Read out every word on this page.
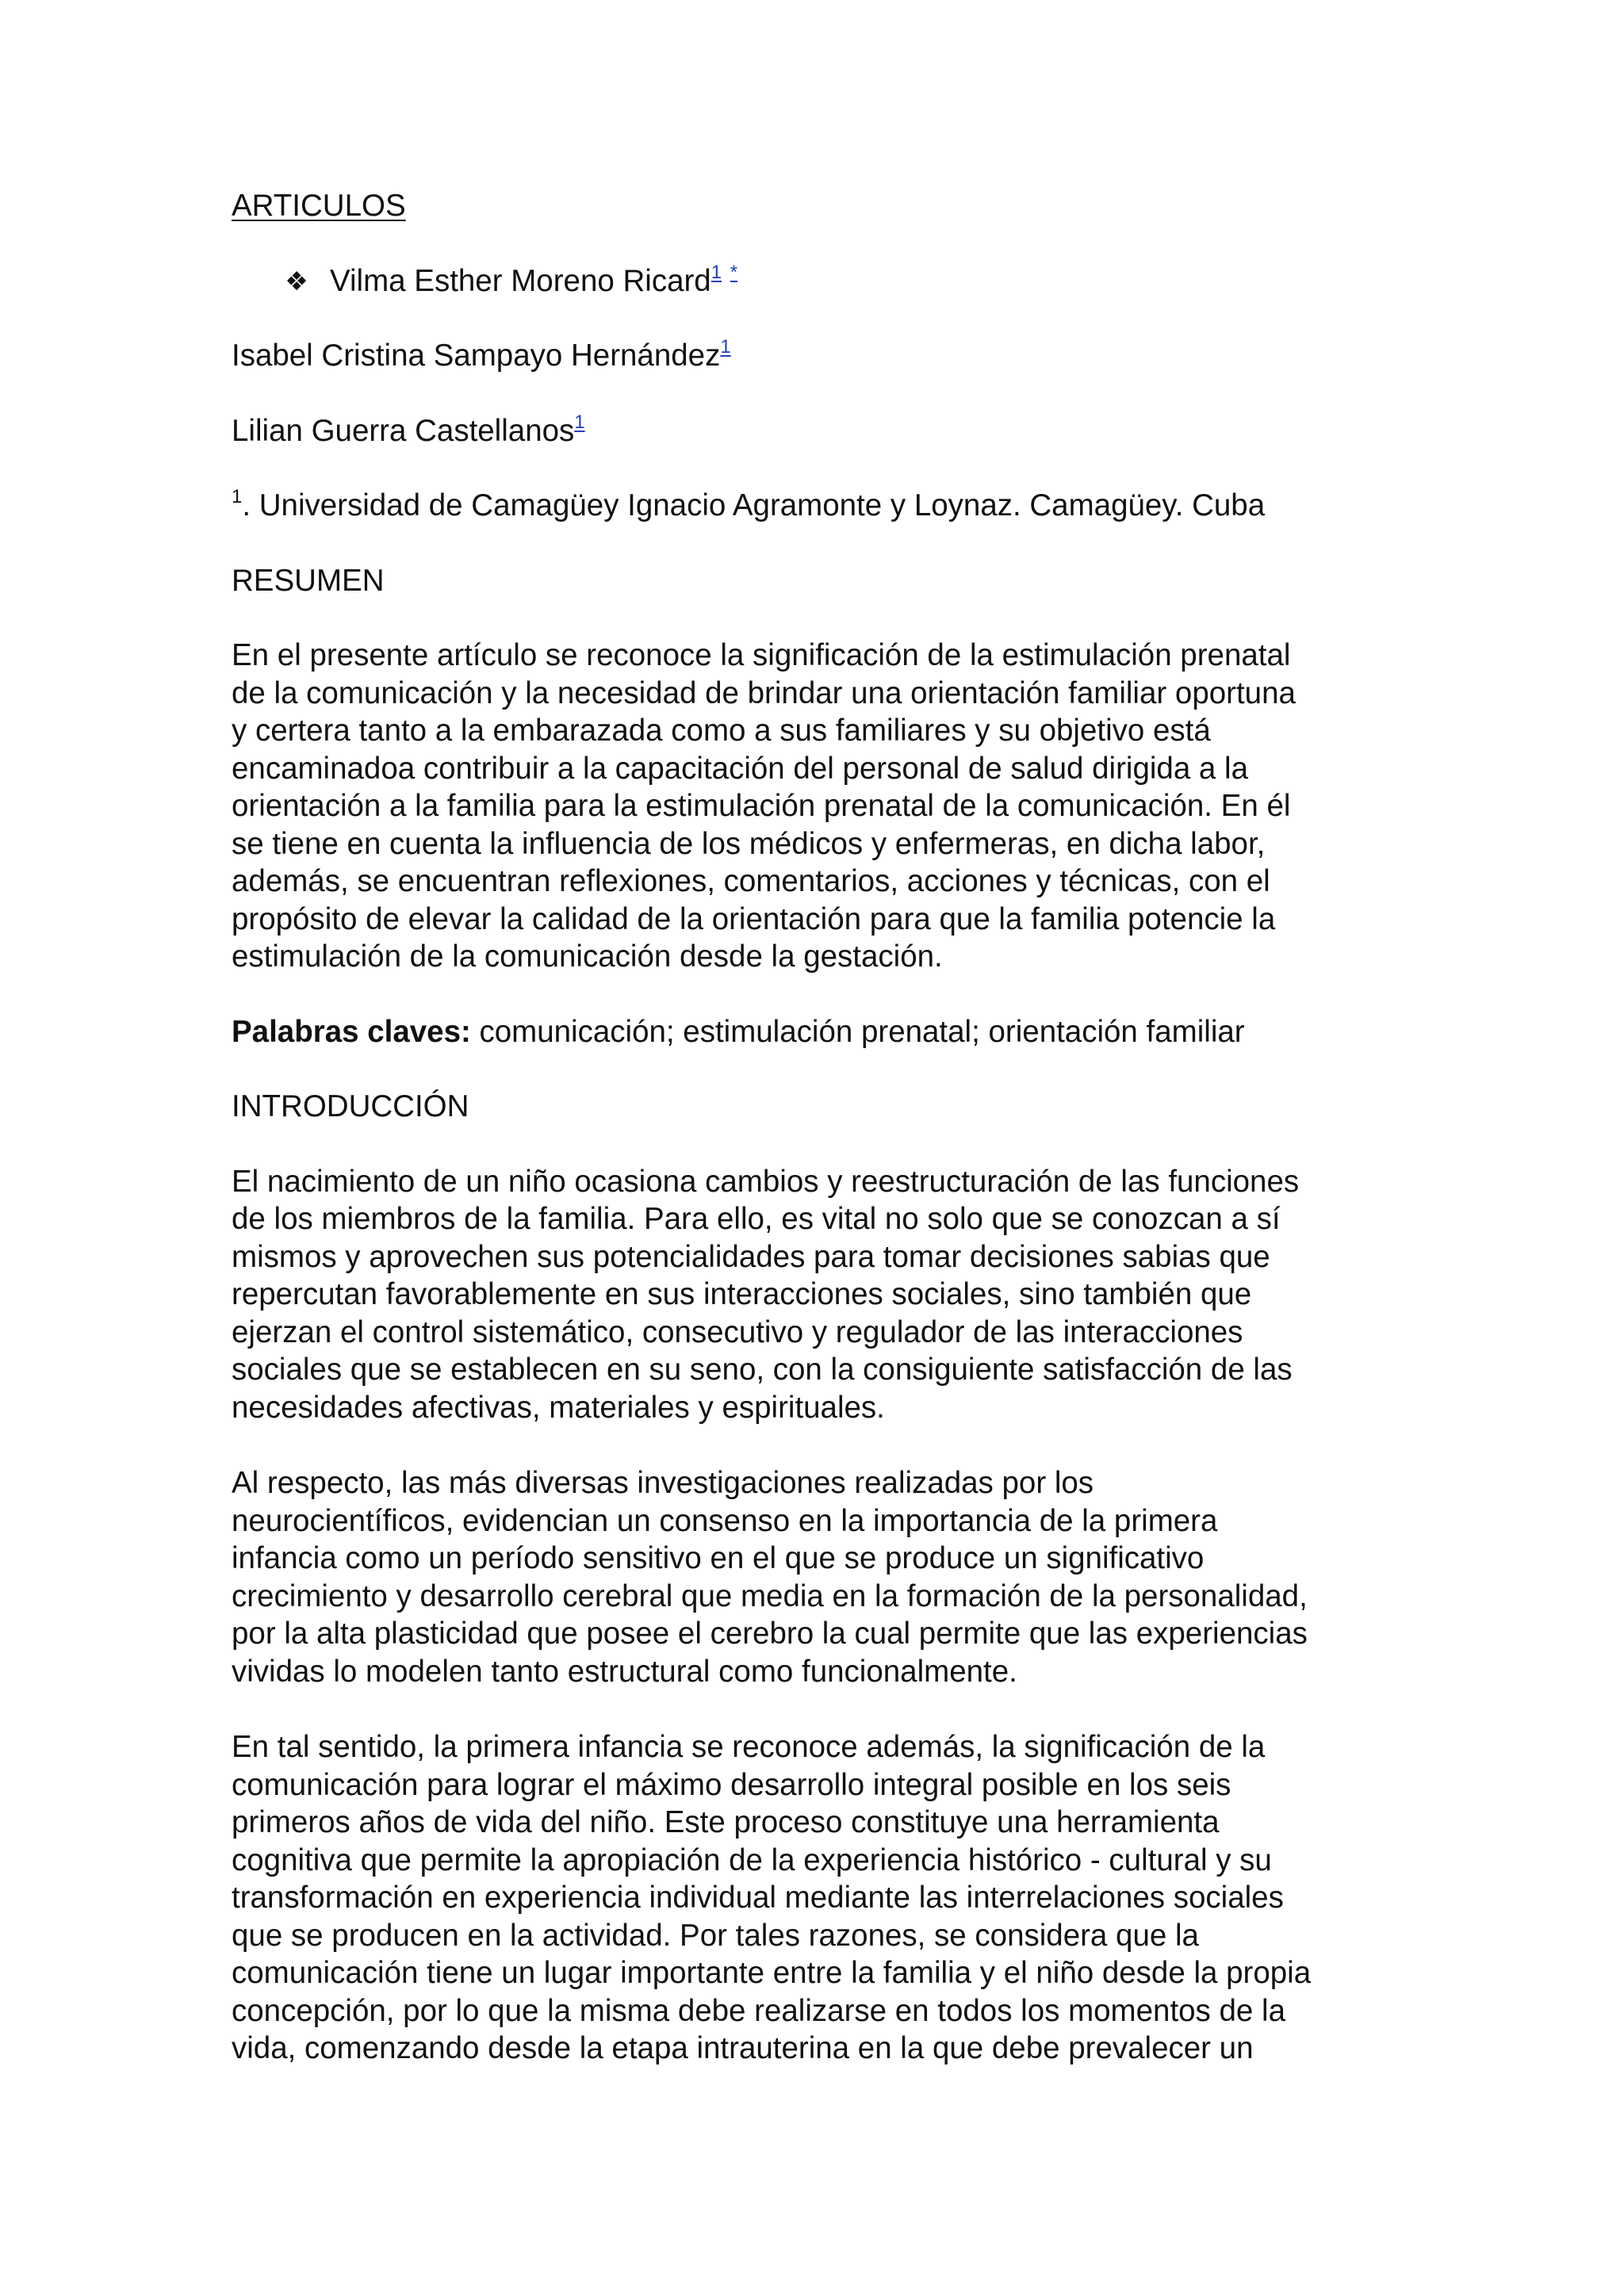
ARTICULOS

❖ Vilma Esther Moreno Ricard$^1$ *

Isabel Cristina Sampayo Hernández$^1$

Lilian Guerra Castellanos$^1$

$^1$. Universidad de Camagüey Ignacio Agramonte y Loynaz. Camagüey. Cuba

RESUMEN

En el presente artículo se reconoce la significación de la estimulación prenatal

de la comunicación y la necesidad de brindar una orientación familiar oportuna

y certera tanto a la embarazada como a sus familiares y su objetivo está

encaminadoa contribuir a la capacitación del personal de salud dirigida a la

orientación a la familia para la estimulación prenatal de la comunicación. En él

se tiene en cuenta la influencia de los médicos y enfermeras, en dicha labor,

además, se encuentran reflexiones, comentarios, acciones y técnicas, con el

propósito de elevar la calidad de la orientación para que la familia potencie la

estimulación de la comunicación desde la gestación.

Palabras claves: comunicación; estimulación prenatal; orientación familiar

INTRODUCCIÓN

El nacimiento de un niño ocasiona cambios y reestructuración de las funciones

de los miembros de la familia. Para ello, es vital no solo que se conozcan a sí

mismos y aprovechen sus potencialidades para tomar decisiones sabias que

repercutan favorablemente en sus interacciones sociales, sino también que

ejerzan el control sistemático, consecutivo y regulador de las interacciones

sociales que se establecen en su seno, con la consiguiente satisfacción de las

necesidades afectivas, materiales y espirituales.

Al respecto, las más diversas investigaciones realizadas por los

neurocientíficos, evidencian un consenso en la importancia de la primera

infancia como un período sensitivo en el que se produce un significativo

crecimiento y desarrollo cerebral que media en la formación de la personalidad,

por la alta plasticidad que posee el cerebro la cual permite que las experiencias

vividas lo modelen tanto estructural como funcionalmente.

En tal sentido, la primera infancia se reconoce además, la significación de la

comunicación para lograr el máximo desarrollo integral posible en los seis

primeros años de vida del niño. Este proceso constituye una herramienta

cognitiva que permite la apropiación de la experiencia histórico - cultural y su

transformación en experiencia individual mediante las interrelaciones sociales

que se producen en la actividad. Por tales razones, se considera que la

comunicación tiene un lugar importante entre la familia y el niño desde la propia

concepción, por lo que la misma debe realizarse en todos los momentos de la

vida, comenzando desde la etapa intrauterina en la que debe prevalecer un
